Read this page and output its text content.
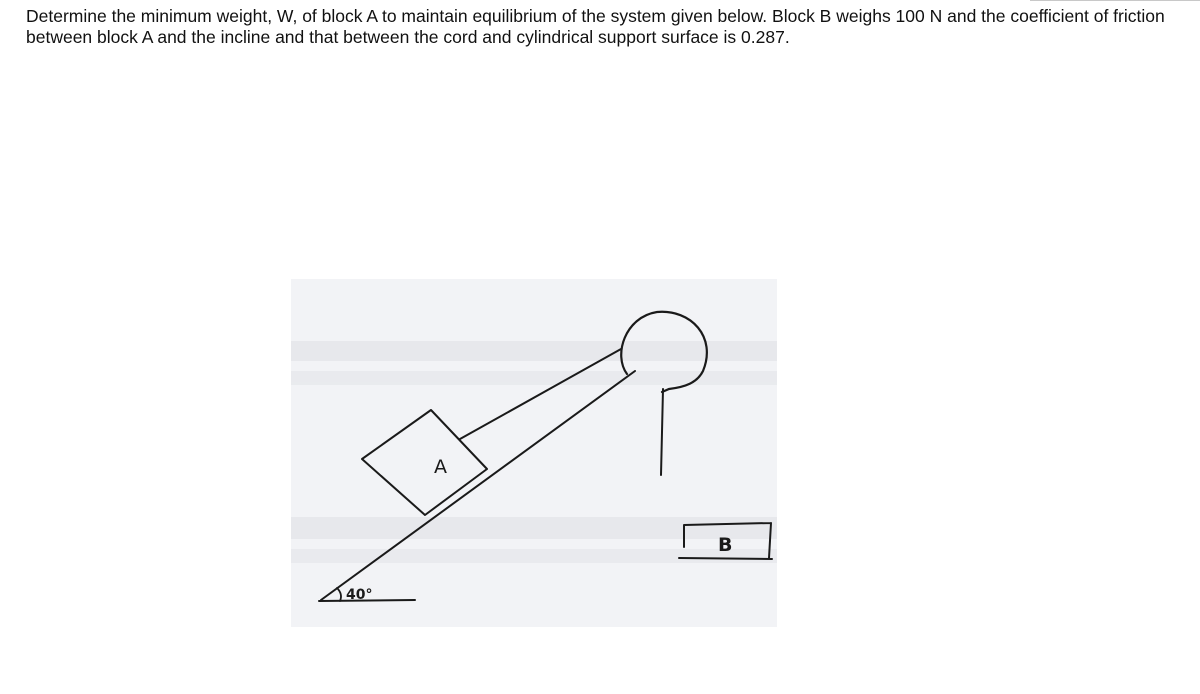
Determine the minimum weight, W, of block A to maintain equilibrium of the system given below. Block B weighs 100 N and the coefficient of friction between block A and the incline and that between the cord and cylindrical support surface is 0.287.

A
B
40°
